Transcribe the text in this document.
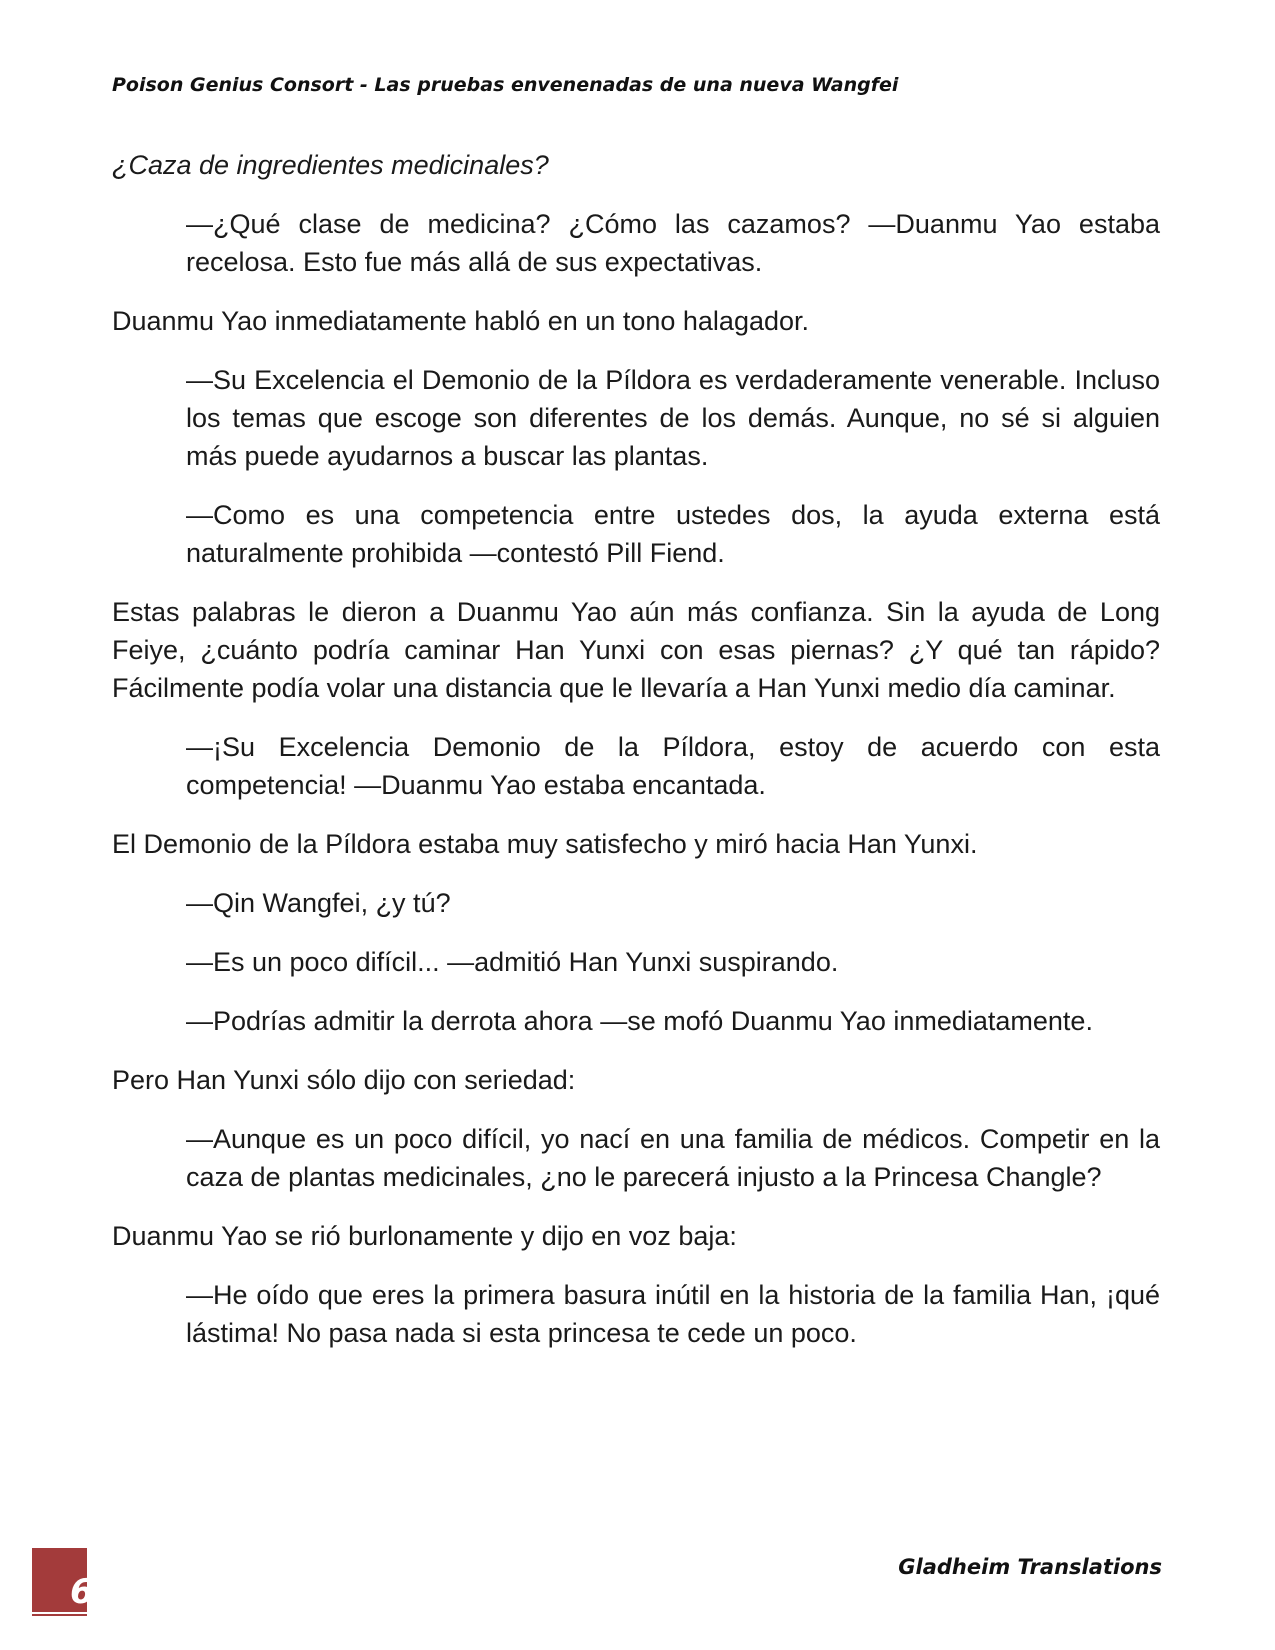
Poison Genius Consort - Las pruebas envenenadas de una nueva Wangfei

¿Caza de ingredientes medicinales?

—¿Qué clase de medicina? ¿Cómo las cazamos? —Duanmu Yao estaba recelosa. Esto fue más allá de sus expectativas.

Duanmu Yao inmediatamente habló en un tono halagador.

—Su Excelencia el Demonio de la Píldora es verdaderamente venerable. Incluso los temas que escoge son diferentes de los demás. Aunque, no sé si alguien más puede ayudarnos a buscar las plantas.

—Como es una competencia entre ustedes dos, la ayuda externa está naturalmente prohibida —contestó Pill Fiend.

Estas palabras le dieron a Duanmu Yao aún más confianza. Sin la ayuda de Long Feiye, ¿cuánto podría caminar Han Yunxi con esas piernas? ¿Y qué tan rápido? Fácilmente podía volar una distancia que le llevaría a Han Yunxi medio día caminar.

—¡Su Excelencia Demonio de la Píldora, estoy de acuerdo con esta competencia! —Duanmu Yao estaba encantada.

El Demonio de la Píldora estaba muy satisfecho y miró hacia Han Yunxi.

—Qin Wangfei, ¿y tú?

—Es un poco difícil... —admitió Han Yunxi suspirando.

—Podrías admitir la derrota ahora —se mofó Duanmu Yao inmediatamente.

Pero Han Yunxi sólo dijo con seriedad:

—Aunque es un poco difícil, yo nací en una familia de médicos. Competir en la caza de plantas medicinales, ¿no le parecerá injusto a la Princesa Changle?

Duanmu Yao se rió burlonamente y dijo en voz baja:

—He oído que eres la primera basura inútil en la historia de la familia Han, ¡qué lástima! No pasa nada si esta princesa te cede un poco.

6
Gladheim Translations
